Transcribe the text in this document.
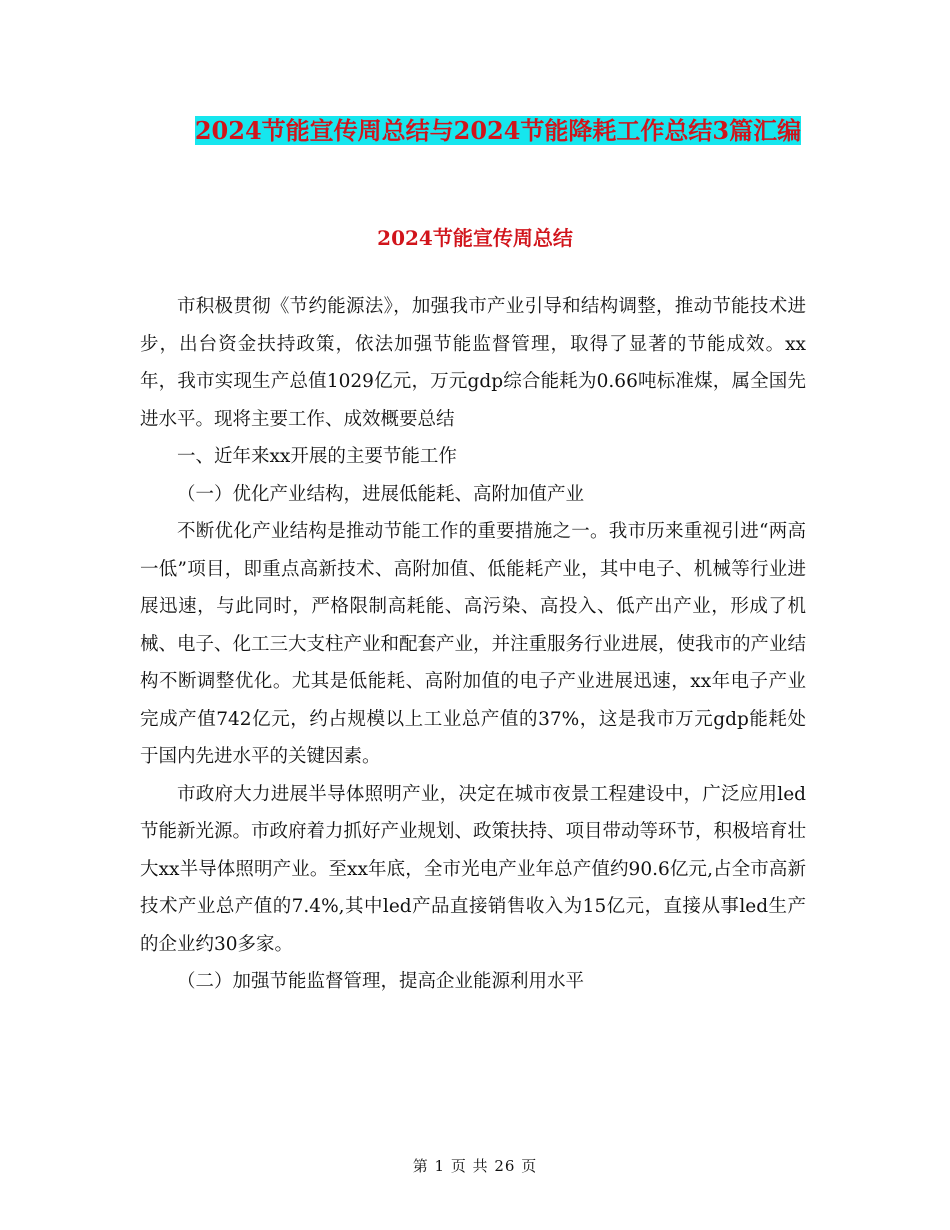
2024节能宣传周总结与2024节能降耗工作总结3篇汇编
2024节能宣传周总结

市积极贯彻《节约能源法》，加强我市产业引导和结构调整，推动节能技术进步，出台资金扶持政策，依法加强节能监督管理，取得了显著的节能成效。xx年，我市实现生产总值1029亿元，万元gdp综合能耗为0.66吨标准煤，属全国先进水平。现将主要工作、成效概要总结

一、近年来xx开展的主要节能工作

（一）优化产业结构，进展低能耗、高附加值产业

不断优化产业结构是推动节能工作的重要措施之一。我市历来重视引进“两高一低”项目，即重点高新技术、高附加值、低能耗产业，其中电子、机械等行业进展迅速，与此同时，严格限制高耗能、高污染、高投入、低产出产业，形成了机械、电子、化工三大支柱产业和配套产业，并注重服务行业进展，使我市的产业结构不断调整优化。尤其是低能耗、高附加值的电子产业进展迅速，xx年电子产业完成产值742亿元，约占规模以上工业总产值的37%，这是我市万元gdp能耗处于国内先进水平的关键因素。

市政府大力进展半导体照明产业，决定在城市夜景工程建设中，广泛应用led节能新光源。市政府着力抓好产业规划、政策扶持、项目带动等环节，积极培育壮大xx半导体照明产业。至xx年底，全市光电产业年总产值约90.6亿元,占全市高新技术产业总产值的7.4%,其中led产品直接销售收入为15亿元，直接从事led生产的企业约30多家。

（二）加强节能监督管理，提高企业能源利用水平

第 1 页 共 26 页
